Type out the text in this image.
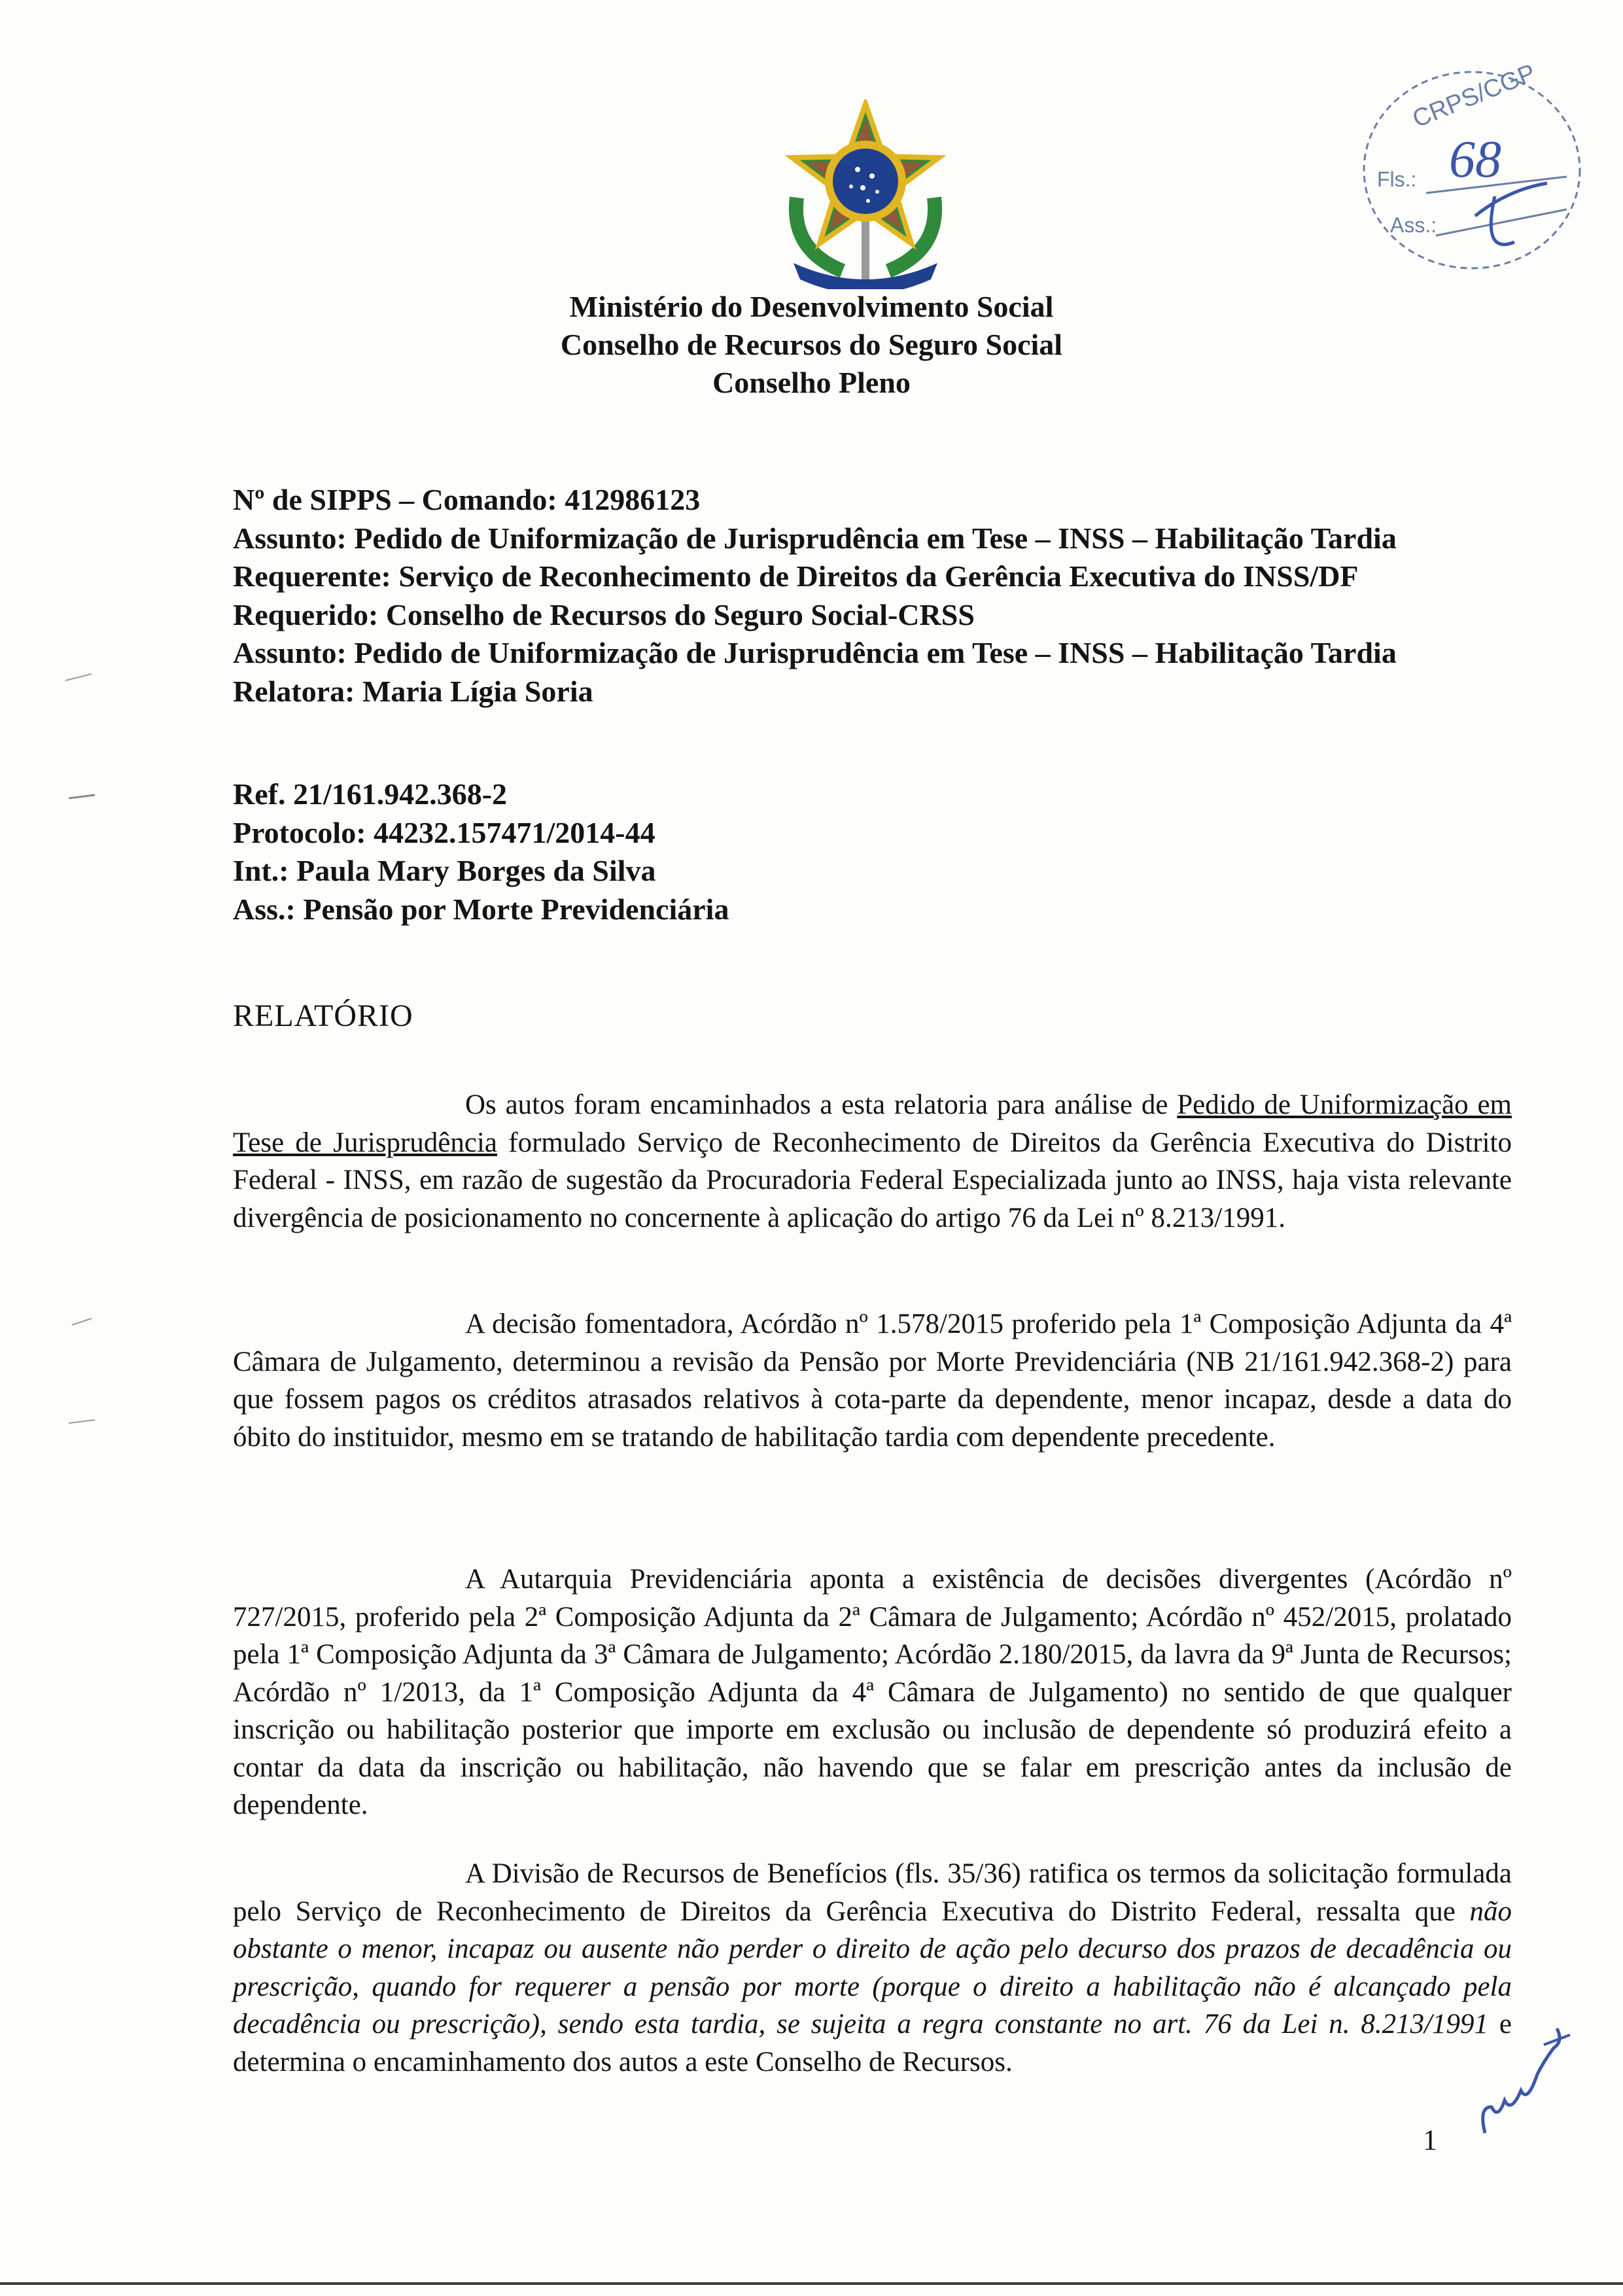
CRPS/CGP
Fls.: 68
Ass.:
Ministério do Desenvolvimento Social
Conselho de Recursos do Seguro Social
Conselho Pleno
Nº de SIPPS – Comando: 412986123
Assunto: Pedido de Uniformização de Jurisprudência em Tese – INSS – Habilitação Tardia
Requerente: Serviço de Reconhecimento de Direitos da Gerência Executiva do INSS/DF
Requerido: Conselho de Recursos do Seguro Social-CRSS
Assunto: Pedido de Uniformização de Jurisprudência em Tese – INSS – Habilitação Tardia
Relatora: Maria Lígia Soria
Ref. 21/161.942.368-2
Protocolo: 44232.157471/2014-44
Int.: Paula Mary Borges da Silva
Ass.: Pensão por Morte Previdenciária
RELATÓRIO

Os autos foram encaminhados a esta relatoria para análise de Pedido de Uniformização em Tese de Jurisprudência formulado Serviço de Reconhecimento de Direitos da Gerência Executiva do Distrito Federal - INSS, em razão de sugestão da Procuradoria Federal Especializada junto ao INSS, haja vista relevante divergência de posicionamento no concernente à aplicação do artigo 76 da Lei nº 8.213/1991.

A decisão fomentadora, Acórdão nº 1.578/2015 proferido pela 1ª Composição Adjunta da 4ª Câmara de Julgamento, determinou a revisão da Pensão por Morte Previdenciária (NB 21/161.942.368-2) para que fossem pagos os créditos atrasados relativos à cota-parte da dependente, menor incapaz, desde a data do óbito do instituidor, mesmo em se tratando de habilitação tardia com dependente precedente.

A Autarquia Previdenciária aponta a existência de decisões divergentes (Acórdão nº 727/2015, proferido pela 2ª Composição Adjunta da 2ª Câmara de Julgamento; Acórdão nº 452/2015, prolatado pela 1ª Composição Adjunta da 3ª Câmara de Julgamento; Acórdão 2.180/2015, da lavra da 9ª Junta de Recursos; Acórdão nº 1/2013, da 1ª Composição Adjunta da 4ª Câmara de Julgamento) no sentido de que qualquer inscrição ou habilitação posterior que importe em exclusão ou inclusão de dependente só produzirá efeito a contar da data da inscrição ou habilitação, não havendo que se falar em prescrição antes da inclusão de dependente.

A Divisão de Recursos de Benefícios (fls. 35/36) ratifica os termos da solicitação formulada pelo Serviço de Reconhecimento de Direitos da Gerência Executiva do Distrito Federal, ressalta que não obstante o menor, incapaz ou ausente não perder o direito de ação pelo decurso dos prazos de decadência ou prescrição, quando for requerer a pensão por morte (porque o direito a habilitação não é alcançado pela decadência ou prescrição), sendo esta tardia, se sujeita a regra constante no art. 76 da Lei n. 8.213/1991 e determina o encaminhamento dos autos a este Conselho de Recursos.

1
